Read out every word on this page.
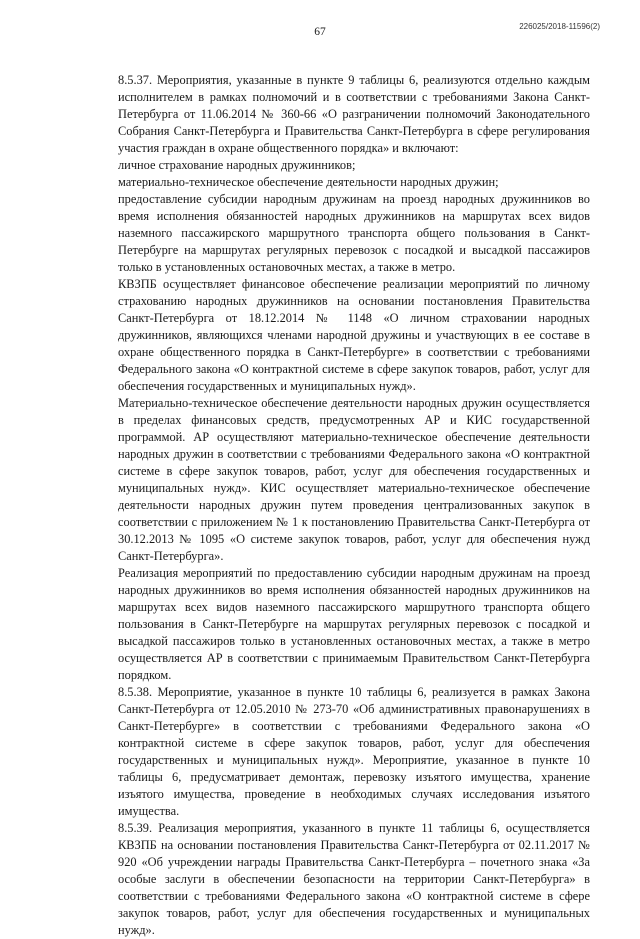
67	226025/2018-11596(2)

8.5.37. Мероприятия, указанные в пункте 9 таблицы 6, реализуются отдельно каждым исполнителем в рамках полномочий и в соответствии с требованиями Закона Санкт-Петербурга от 11.06.2014 № 360-66 «О разграничении полномочий Законодательного Собрания Санкт-Петербурга и Правительства Санкт-Петербурга в сфере регулирования участия граждан в охране общественного порядка» и включают:

личное страхование народных дружинников;

материально-техническое обеспечение деятельности народных дружин;

предоставление субсидии народным дружинам на проезд народных дружинников во время исполнения обязанностей народных дружинников на маршрутах всех видов наземного пассажирского маршрутного транспорта общего пользования в Санкт-Петербурге на маршрутах регулярных перевозок с посадкой и высадкой пассажиров только в установленных остановочных местах, а также в метро.

КВЗПБ осуществляет финансовое обеспечение реализации мероприятий по личному страхованию народных дружинников на основании постановления Правительства Санкт-Петербурга от 18.12.2014 № 1148 «О личном страховании народных дружинников, являющихся членами народной дружины и участвующих в ее составе в охране общественного порядка в Санкт-Петербурге» в соответствии с требованиями Федерального закона «О контрактной системе в сфере закупок товаров, работ, услуг для обеспечения государственных и муниципальных нужд».

Материально-техническое обеспечение деятельности народных дружин осуществляется в пределах финансовых средств, предусмотренных АР и КИС государственной программой. АР осуществляют материально-техническое обеспечение деятельности народных дружин в соответствии с требованиями Федерального закона «О контрактной системе в сфере закупок товаров, работ, услуг для обеспечения государственных и муниципальных нужд». КИС осуществляет материально-техническое обеспечение деятельности народных дружин путем проведения централизованных закупок в соответствии с приложением № 1 к постановлению Правительства Санкт-Петербурга от 30.12.2013 № 1095 «О системе закупок товаров, работ, услуг для обеспечения нужд Санкт-Петербурга».

Реализация мероприятий по предоставлению субсидии народным дружинам на проезд народных дружинников во время исполнения обязанностей народных дружинников на маршрутах всех видов наземного пассажирского маршрутного транспорта общего пользования в Санкт-Петербурге на маршрутах регулярных перевозок с посадкой и высадкой пассажиров только в установленных остановочных местах, а также в метро осуществляется АР в соответствии с принимаемым Правительством Санкт-Петербурга порядком.

8.5.38. Мероприятие, указанное в пункте 10 таблицы 6, реализуется в рамках Закона Санкт-Петербурга от 12.05.2010 № 273-70 «Об административных правонарушениях в Санкт-Петербурге» в соответствии с требованиями Федерального закона «О контрактной системе в сфере закупок товаров, работ, услуг для обеспечения государственных и муниципальных нужд». Мероприятие, указанное в пункте 10 таблицы 6, предусматривает демонтаж, перевозку изъятого имущества, хранение изъятого имущества, проведение в необходимых случаях исследования изъятого имущества.

8.5.39. Реализация мероприятия, указанного в пункте 11 таблицы 6, осуществляется КВЗПБ на основании постановления Правительства Санкт-Петербурга от 02.11.2017 № 920 «Об учреждении награды Правительства Санкт-Петербурга – почетного знака «За особые заслуги в обеспечении безопасности на территории Санкт-Петербурга» в соответствии с требованиями Федерального закона «О контрактной системе в сфере закупок товаров, работ, услуг для обеспечения государственных и муниципальных нужд».
